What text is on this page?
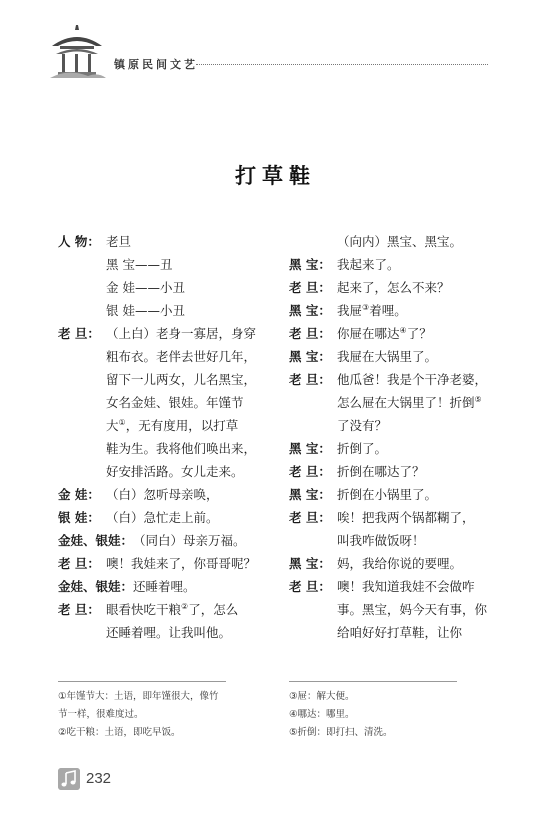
镇原民间文艺
打草鞋
人 物： 老旦
黑 宝——丑
金 娃——小丑
银 娃——小丑
老 旦： （上白）老身一寡居，身穿
粗布衣。老伴去世好几年，
留下一儿两女，儿名黑宝，
女名金娃、银娃。年馑节
大①，无有度用，以打草
鞋为生。我将他们唤出来，
好安排活路。女儿走来。
金 娃： （白）忽听母亲唤，
银 娃： （白）急忙走上前。
金娃、银娃：（同白）母亲万福。
老 旦： 噢！我娃来了，你哥哥呢？
金娃、银娃：还睡着哩。
老 旦： 眼看快吃干粮②了，怎么
还睡着哩。让我叫他。
（向内）黑宝、黑宝。
黑 宝： 我起来了。
老 旦： 起来了，怎么不来？
黑 宝： 我屉③着哩。
老 旦： 你屉在哪达④了？
黑 宝： 我屉在大锅里了。
老 旦： 他瓜爸！我是个干净老婆，
怎么屉在大锅里了！折倒⑤
了没有？
黑 宝： 折倒了。
老 旦： 折倒在哪达了？
黑 宝： 折倒在小锅里了。
老 旦： 唉！把我两个锅都糊了，
叫我咋做饭呀！
黑 宝： 妈，我给你说的要哩。
老 旦： 噢！我知道我娃不会做咋
事。黑宝，妈今天有事，你
给咱好好打草鞋，让你
①年馑节大：土语，即年馑很大，像竹
节一样，很难度过。
②吃干粮：土语，即吃早饭。
③屉：解大便。
④哪达：哪里。
⑤折倒：即打扫、清洗。
232
